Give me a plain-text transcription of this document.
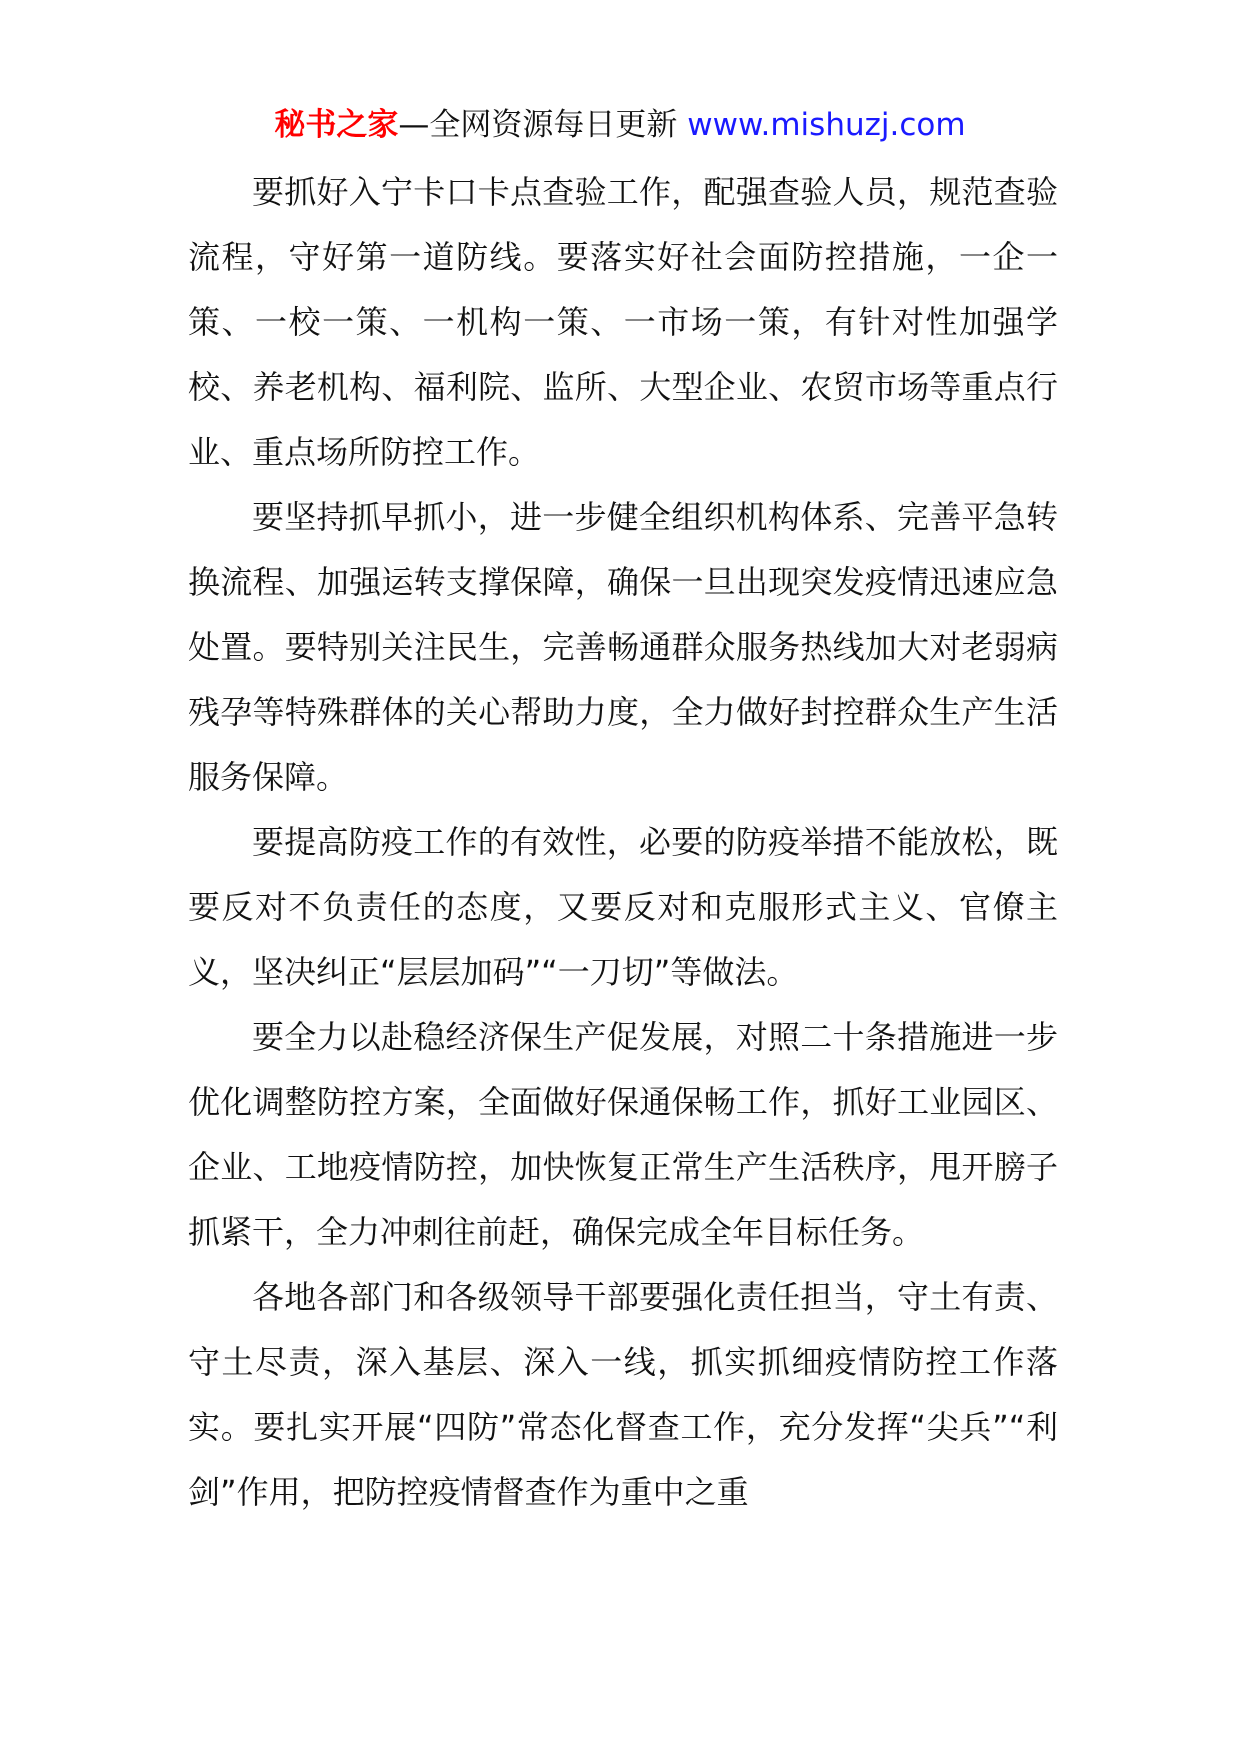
秘书之家—全网资源每日更新 www.mishuzj.com

要抓好入宁卡口卡点查验工作，配强查验人员，规范查验流程，守好第一道防线。要落实好社会面防控措施，一企一策、一校一策、一机构一策、一市场一策，有针对性加强学校、养老机构、福利院、监所、大型企业、农贸市场等重点行业、重点场所防控工作。

要坚持抓早抓小，进一步健全组织机构体系、完善平急转换流程、加强运转支撑保障，确保一旦出现突发疫情迅速应急处置。要特别关注民生，完善畅通群众服务热线加大对老弱病残孕等特殊群体的关心帮助力度，全力做好封控群众生产生活服务保障。

要提高防疫工作的有效性，必要的防疫举措不能放松，既要反对不负责任的态度，又要反对和克服形式主义、官僚主义，坚决纠正“层层加码”“一刀切”等做法。

要全力以赴稳经济保生产促发展，对照二十条措施进一步优化调整防控方案，全面做好保通保畅工作，抓好工业园区、企业、工地疫情防控，加快恢复正常生产生活秩序，甩开膀子抓紧干，全力冲刺往前赶，确保完成全年目标任务。

各地各部门和各级领导干部要强化责任担当，守土有责、守土尽责，深入基层、深入一线，抓实抓细疫情防控工作落实。要扎实开展“四防”常态化督查工作，充分发挥“尖兵”“利剑”作用，把防控疫情督查作为重中之重
